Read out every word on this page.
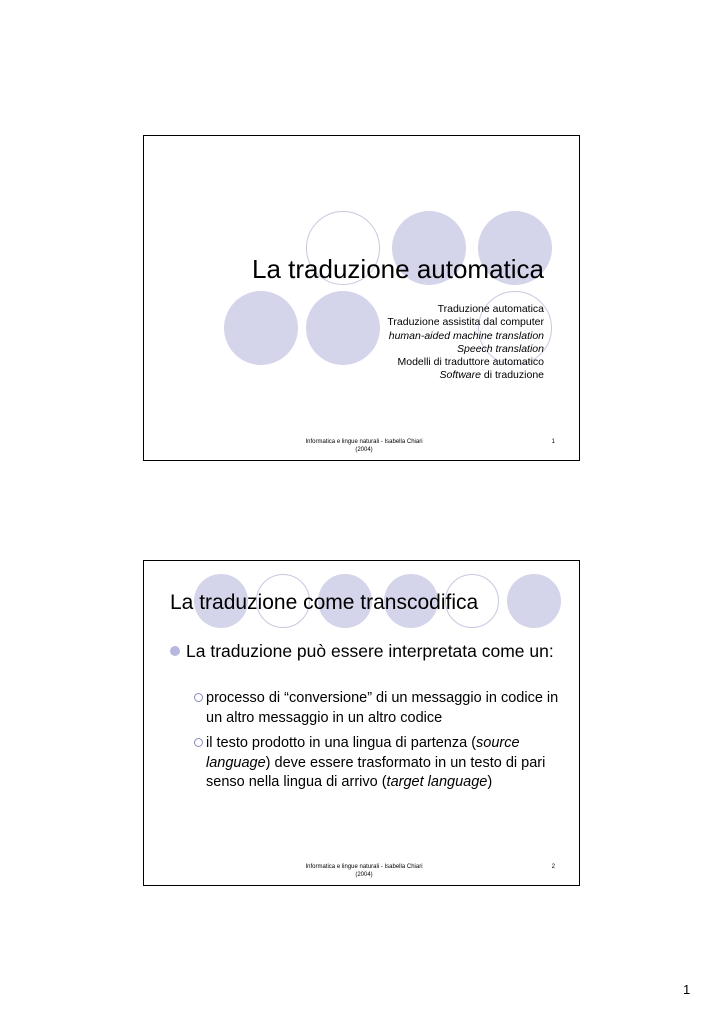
La traduzione automatica
Traduzione automatica
Traduzione assistita dal computer
human-aided machine translation
Speech translation
Modelli di traduttore automatico
Software di traduzione
Informatica e lingue naturali - Isabella Chiari
(2004)
1
La traduzione come transcodifica
La traduzione può essere interpretata come un:
processo di “conversione” di un messaggio in codice in un altro messaggio in un altro codice
il testo prodotto in una lingua di partenza (source language) deve essere trasformato in un testo di pari senso nella lingua di arrivo (target language)
Informatica e lingue naturali - Isabella Chiari
(2004)
2
1
